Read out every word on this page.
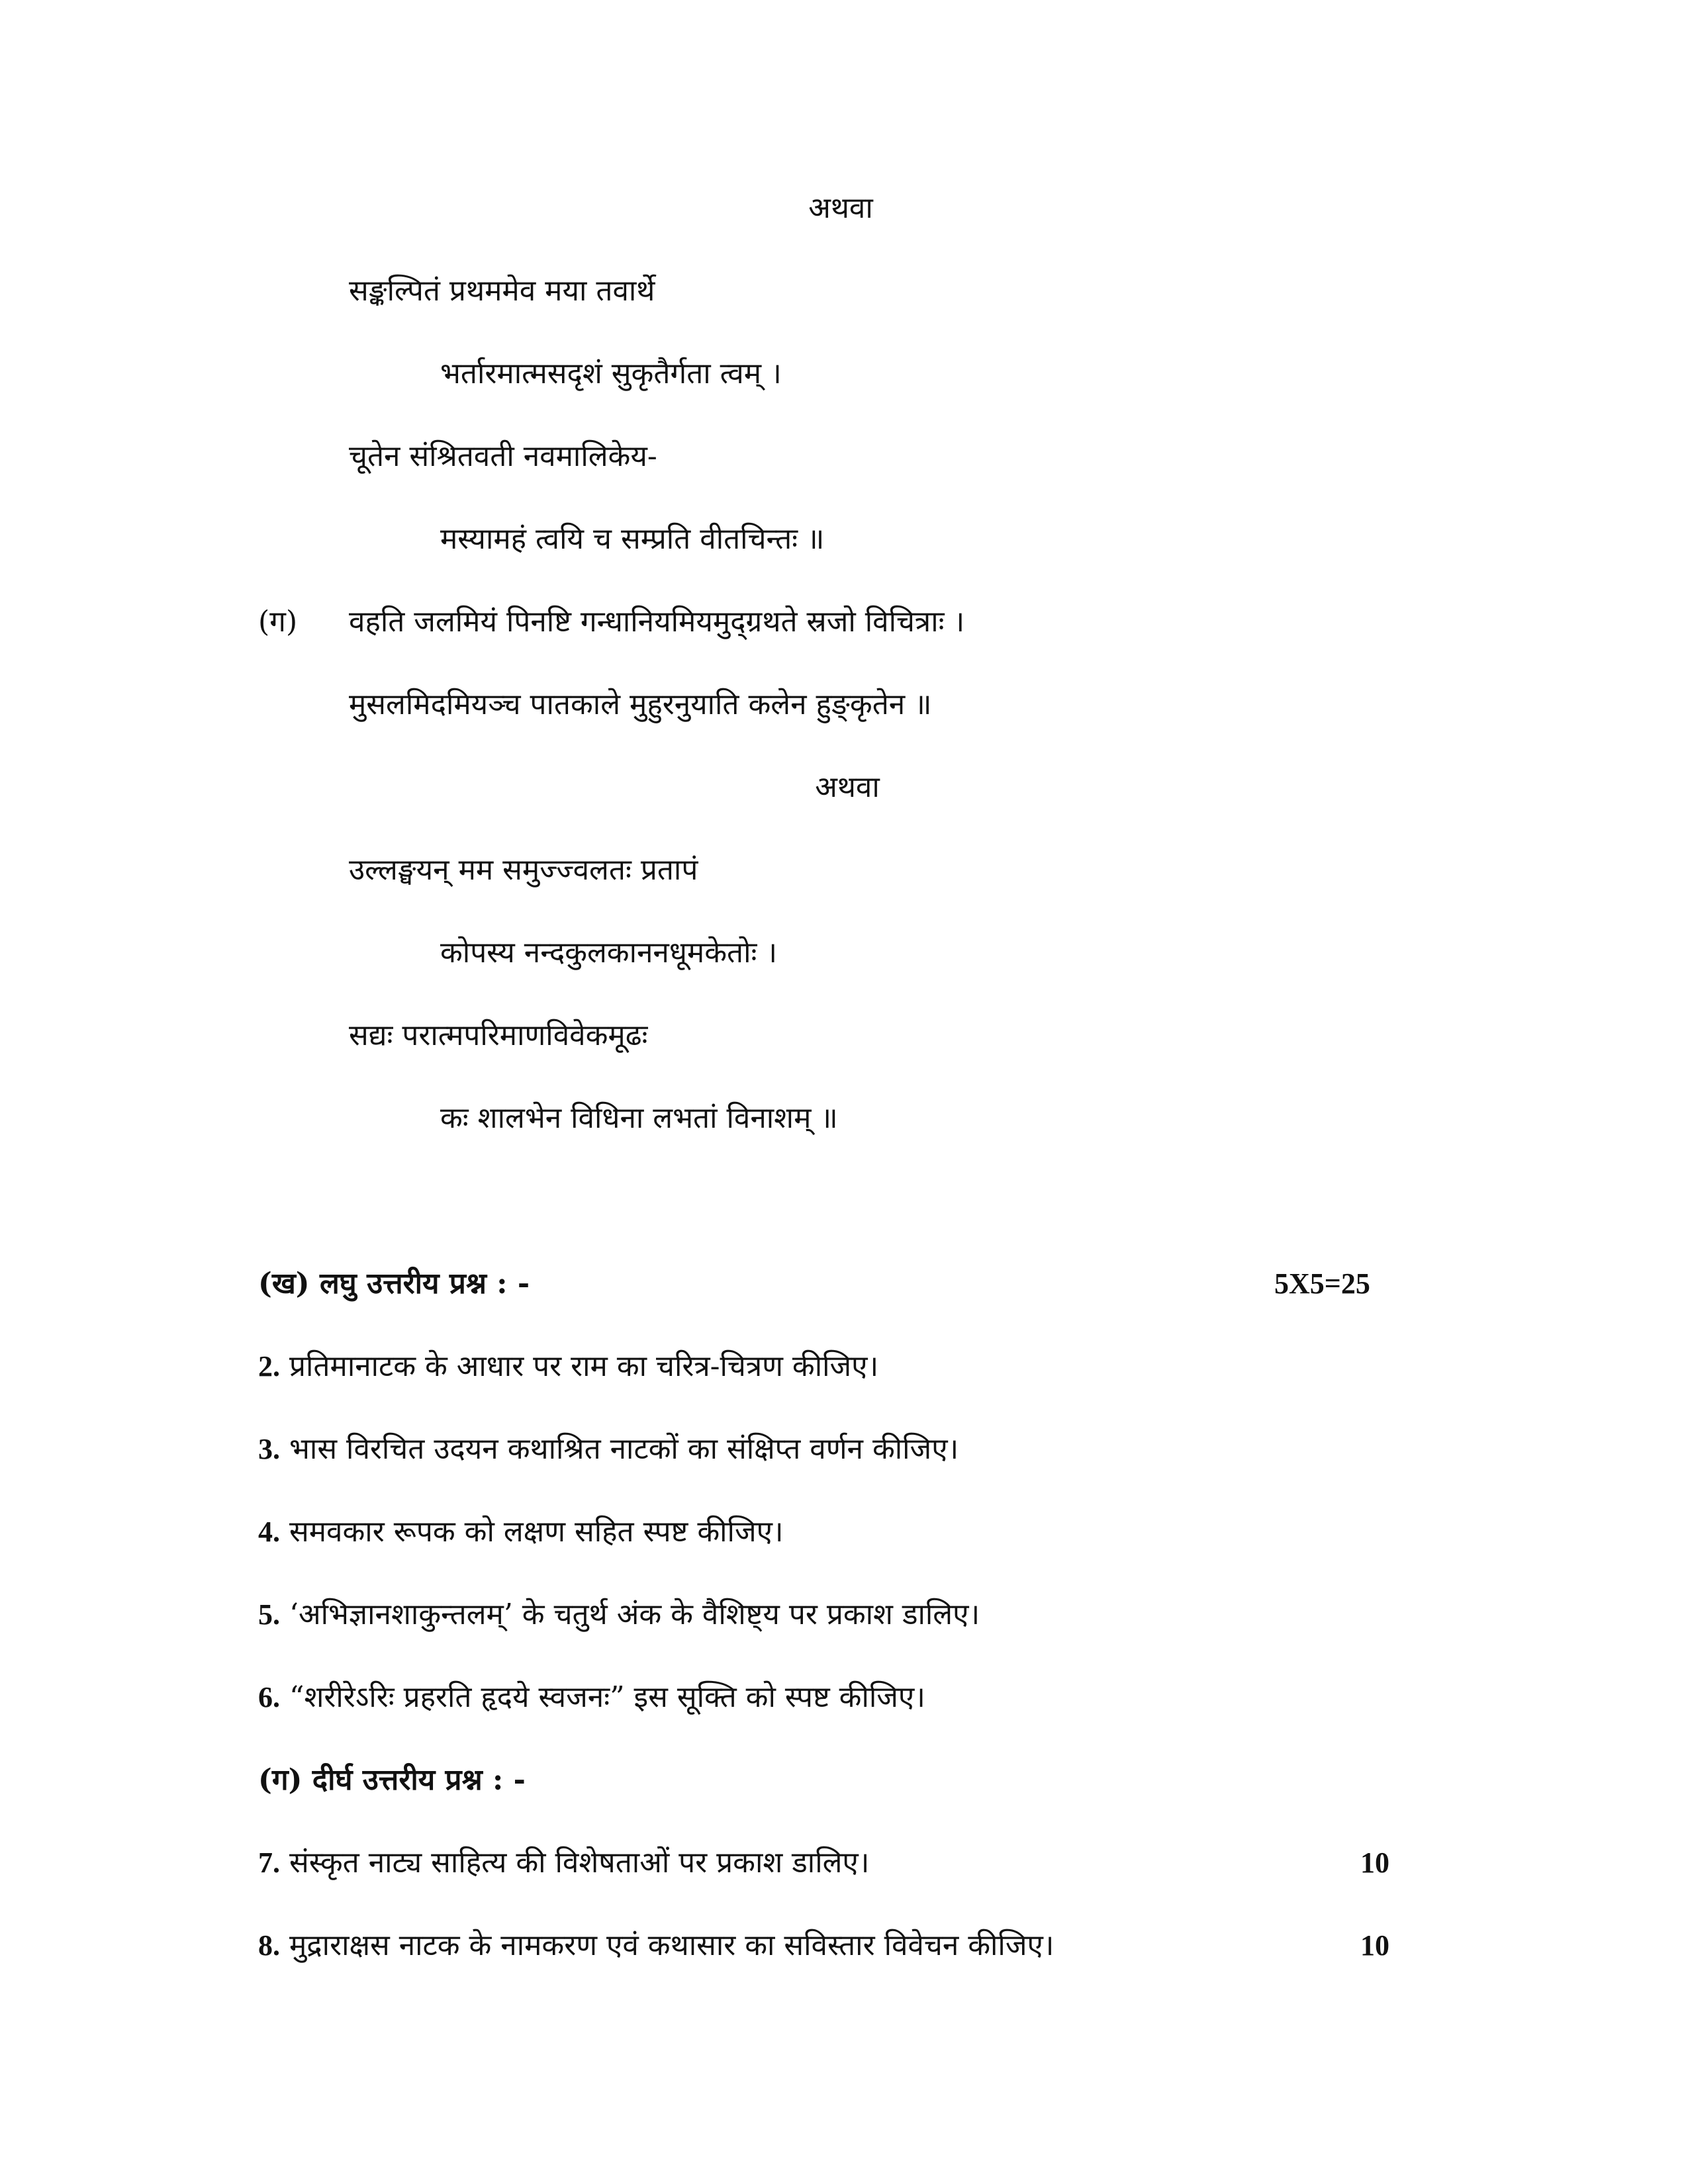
अथवा
सङ्कल्पितं प्रथममेव मया तवार्थे
भर्तारमात्मसदृशं सुकृतैर्गता त्वम् ।
चूतेन संश्रितवती नवमालिकेय-
मस्यामहं त्वयि च सम्प्रति वीतचिन्तः ॥
(ग) वहति जलमियं पिनष्टि गन्धानियमियमुद्ग्रथते स्रजो विचित्राः ।
मुसलमिदमियञ्च पातकाले मुहुरनुयाति कलेन हुङ्कृतेन ॥
अथवा
उल्लङ्घयन् मम समुज्ज्वलतः प्रतापं
कोपस्य नन्दकुलकाननधूमकेतोः ।
सद्यः परात्मपरिमाणविवेकमूढः
कः शालभेन विधिना लभतां विनाशम् ॥
(ख) लघु उत्तरीय प्रश्न : -	5X5=25
2. प्रतिमानाटक के आधार पर राम का चरित्र-चित्रण कीजिए।
3. भास विरचित उदयन कथाश्रित नाटकों का संक्षिप्त वर्णन कीजिए।
4. समवकार रूपक को लक्षण सहित स्पष्ट कीजिए।
5. ‘अभिज्ञानशाकुन्तलम्’ के चतुर्थ अंक के वैशिष्ट्य पर प्रकाश डालिए।
6. “शरीरेऽरिः प्रहरति हृदये स्वजनः” इस सूक्ति को स्पष्ट कीजिए।
(ग) दीर्घ उत्तरीय प्रश्न : -
7. संस्कृत नाट्य साहित्य की विशेषताओं पर प्रकाश डालिए।	10
8. मुद्राराक्षस नाटक के नामकरण एवं कथासार का सविस्तार विवेचन कीजिए।	10
